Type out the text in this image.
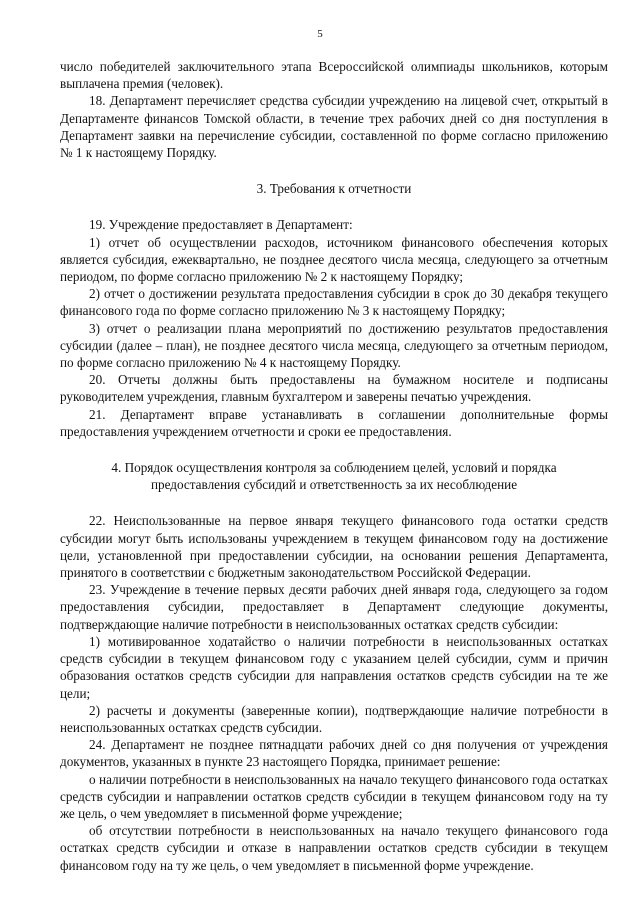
5

число победителей заключительного этапа Всероссийской олимпиады школьников, которым выплачена премия (человек).

18. Департамент перечисляет средства субсидии учреждению на лицевой счет, открытый в Департаменте финансов Томской области, в течение трех рабочих дней со дня поступления в Департамент заявки на перечисление субсидии, составленной по форме согласно приложению № 1 к настоящему Порядку.

3. Требования к отчетности

19. Учреждение предоставляет в Департамент:

1) отчет об осуществлении расходов, источником финансового обеспечения которых является субсидия, ежеквартально, не позднее десятого числа месяца, следующего за отчетным периодом, по форме согласно приложению № 2 к настоящему Порядку;

2) отчет о достижении результата предоставления субсидии в срок до 30 декабря текущего финансового года по форме согласно приложению № 3 к настоящему Порядку;

3) отчет о реализации плана мероприятий по достижению результатов предоставления субсидии (далее – план), не позднее десятого числа месяца, следующего за отчетным периодом, по форме согласно приложению № 4 к настоящему Порядку.

20. Отчеты должны быть предоставлены на бумажном носителе и подписаны руководителем учреждения, главным бухгалтером и заверены печатью учреждения.

21. Департамент вправе устанавливать в соглашении дополнительные формы предоставления учреждением отчетности и сроки ее предоставления.

4. Порядок осуществления контроля за соблюдением целей, условий и порядка

предоставления субсидий и ответственность за их несоблюдение

22. Неиспользованные на первое января текущего финансового года остатки средств субсидии могут быть использованы учреждением в текущем финансовом году на достижение цели, установленной при предоставлении субсидии, на основании решения Департамента, принятого в соответствии с бюджетным законодательством Российской Федерации.

23. Учреждение в течение первых десяти рабочих дней января года, следующего за годом предоставления субсидии, предоставляет в Департамент следующие документы, подтверждающие наличие потребности в неиспользованных остатках средств субсидии:

1) мотивированное ходатайство о наличии потребности в неиспользованных остатках средств субсидии в текущем финансовом году с указанием целей субсидии, сумм и причин образования остатков средств субсидии для направления остатков средств субсидии на те же цели;

2) расчеты и документы (заверенные копии), подтверждающие наличие потребности в неиспользованных остатках средств субсидии.

24. Департамент не позднее пятнадцати рабочих дней со дня получения от учреждения документов, указанных в пункте 23 настоящего Порядка, принимает решение:

о наличии потребности в неиспользованных на начало текущего финансового года остатках средств субсидии и направлении остатков средств субсидии в текущем финансовом году на ту же цель, о чем уведомляет в письменной форме учреждение;

об отсутствии потребности в неиспользованных на начало текущего финансового года остатках средств субсидии и отказе в направлении остатков средств субсидии в текущем финансовом году на ту же цель, о чем уведомляет в письменной форме учреждение.
